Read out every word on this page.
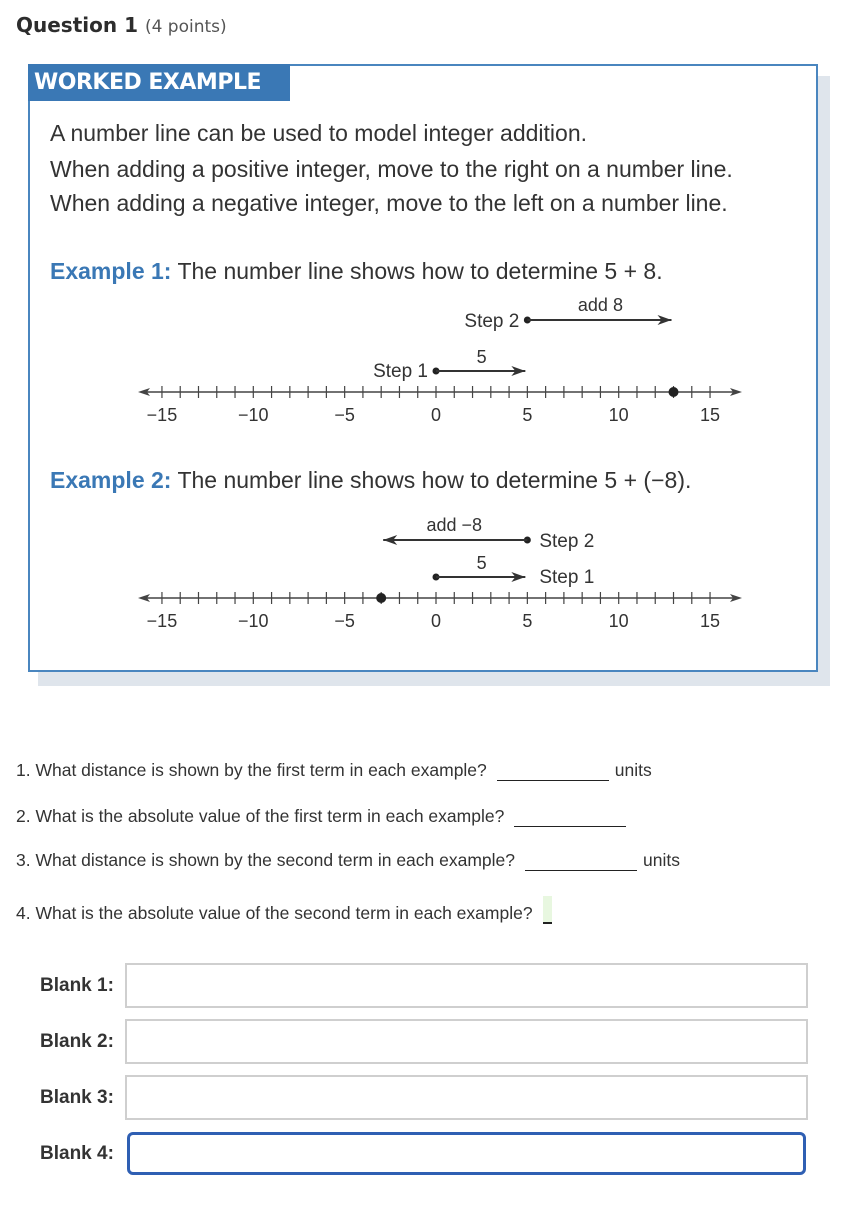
Question 1 (4 points)
WORKED EXAMPLE
A number line can be used to model integer addition.
When adding a positive integer, move to the right on a number line.
When adding a negative integer, move to the left on a number line.
Example 1: The number line shows how to determine 5 + 8.
Example 2: The number line shows how to determine 5 + (−8).
−15	−10	−5	0	5	10	15
5
add 8
Step 1
Step 2
−15	−10	−5	0	5	10	15
5
add −8
Step 1
Step 2
1. What distance is shown by the first term in each example?	units
2. What is the absolute value of the first term in each example?
3. What distance is shown by the second term in each example?	units
4. What is the absolute value of the second term in each example?
Blank 1:
Blank 2:
Blank 3:
Blank 4:
